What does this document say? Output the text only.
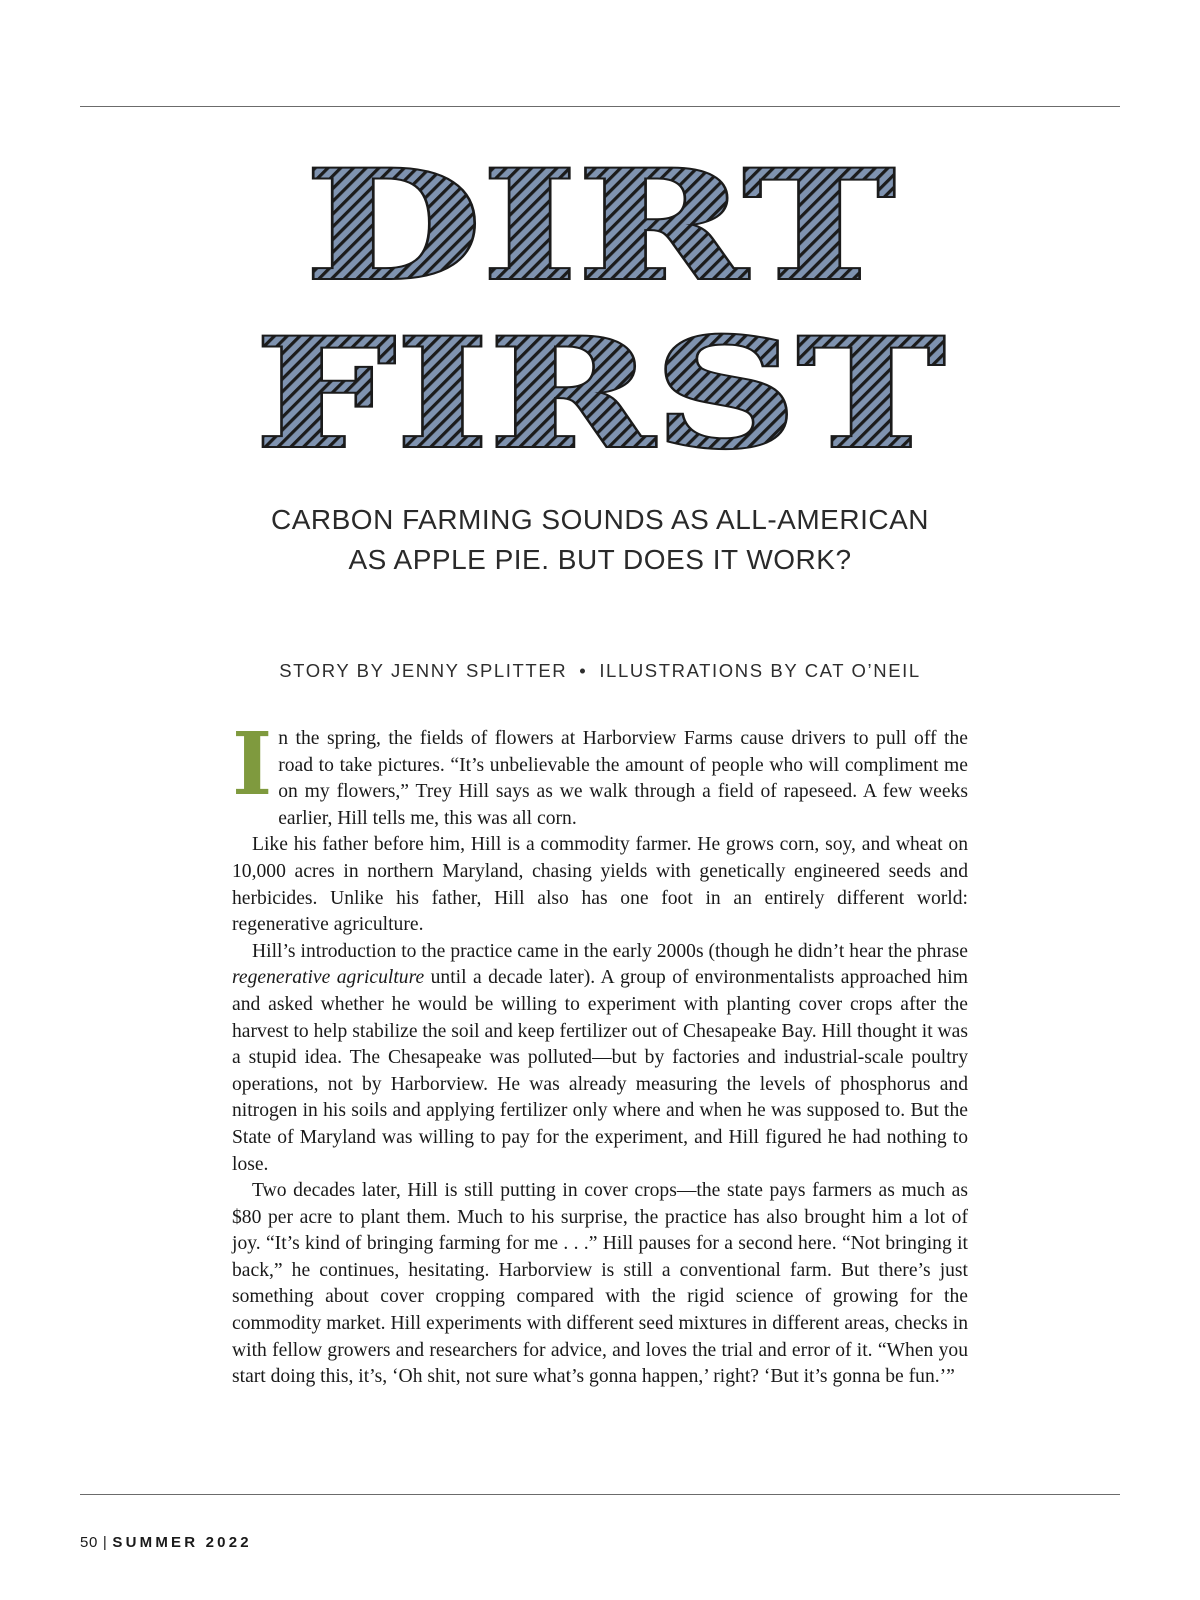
DIRT
FIRST
CARBON FARMING SOUNDS AS ALL-AMERICAN
AS APPLE PIE. BUT DOES IT WORK?
STORY BY JENNY SPLITTER • ILLUSTRATIONS BY CAT O’NEIL

In the spring, the fields of flowers at Harborview Farms cause drivers to pull off the road to take pictures. “It’s unbelievable the amount of people who will compliment me on my flowers,” Trey Hill says as we walk through a field of rapeseed. A few weeks earlier, Hill tells me, this was all corn.

Like his father before him, Hill is a commodity farmer. He grows corn, soy, and wheat on 10,000 acres in northern Maryland, chasing yields with genetically engineered seeds and herbicides. Unlike his father, Hill also has one foot in an entirely different world: regenerative agriculture.

Hill’s introduction to the practice came in the early 2000s (though he didn’t hear the phrase regenerative agriculture until a decade later). A group of environmentalists approached him and asked whether he would be willing to experiment with planting cover crops after the harvest to help stabilize the soil and keep fertilizer out of Chesapeake Bay. Hill thought it was a stupid idea. The Chesapeake was polluted—but by factories and industrial-scale poultry operations, not by Harborview. He was already measuring the levels of phosphorus and nitrogen in his soils and applying fertilizer only where and when he was supposed to. But the State of Maryland was willing to pay for the experiment, and Hill figured he had nothing to lose.

Two decades later, Hill is still putting in cover crops—the state pays farmers as much as $80 per acre to plant them. Much to his surprise, the practice has also brought him a lot of joy. “It’s kind of bringing farming for me . . .” Hill pauses for a second here. “Not bringing it back,” he continues, hesitating. Harborview is still a conventional farm. But there’s just something about cover cropping compared with the rigid science of growing for the commodity market. Hill experiments with different seed mixtures in different areas, checks in with fellow growers and researchers for advice, and loves the trial and error of it. “When you start doing this, it’s, ‘Oh shit, not sure what’s gonna happen,’ right? ‘But it’s gonna be fun.’”

50 | SUMMER 2022
